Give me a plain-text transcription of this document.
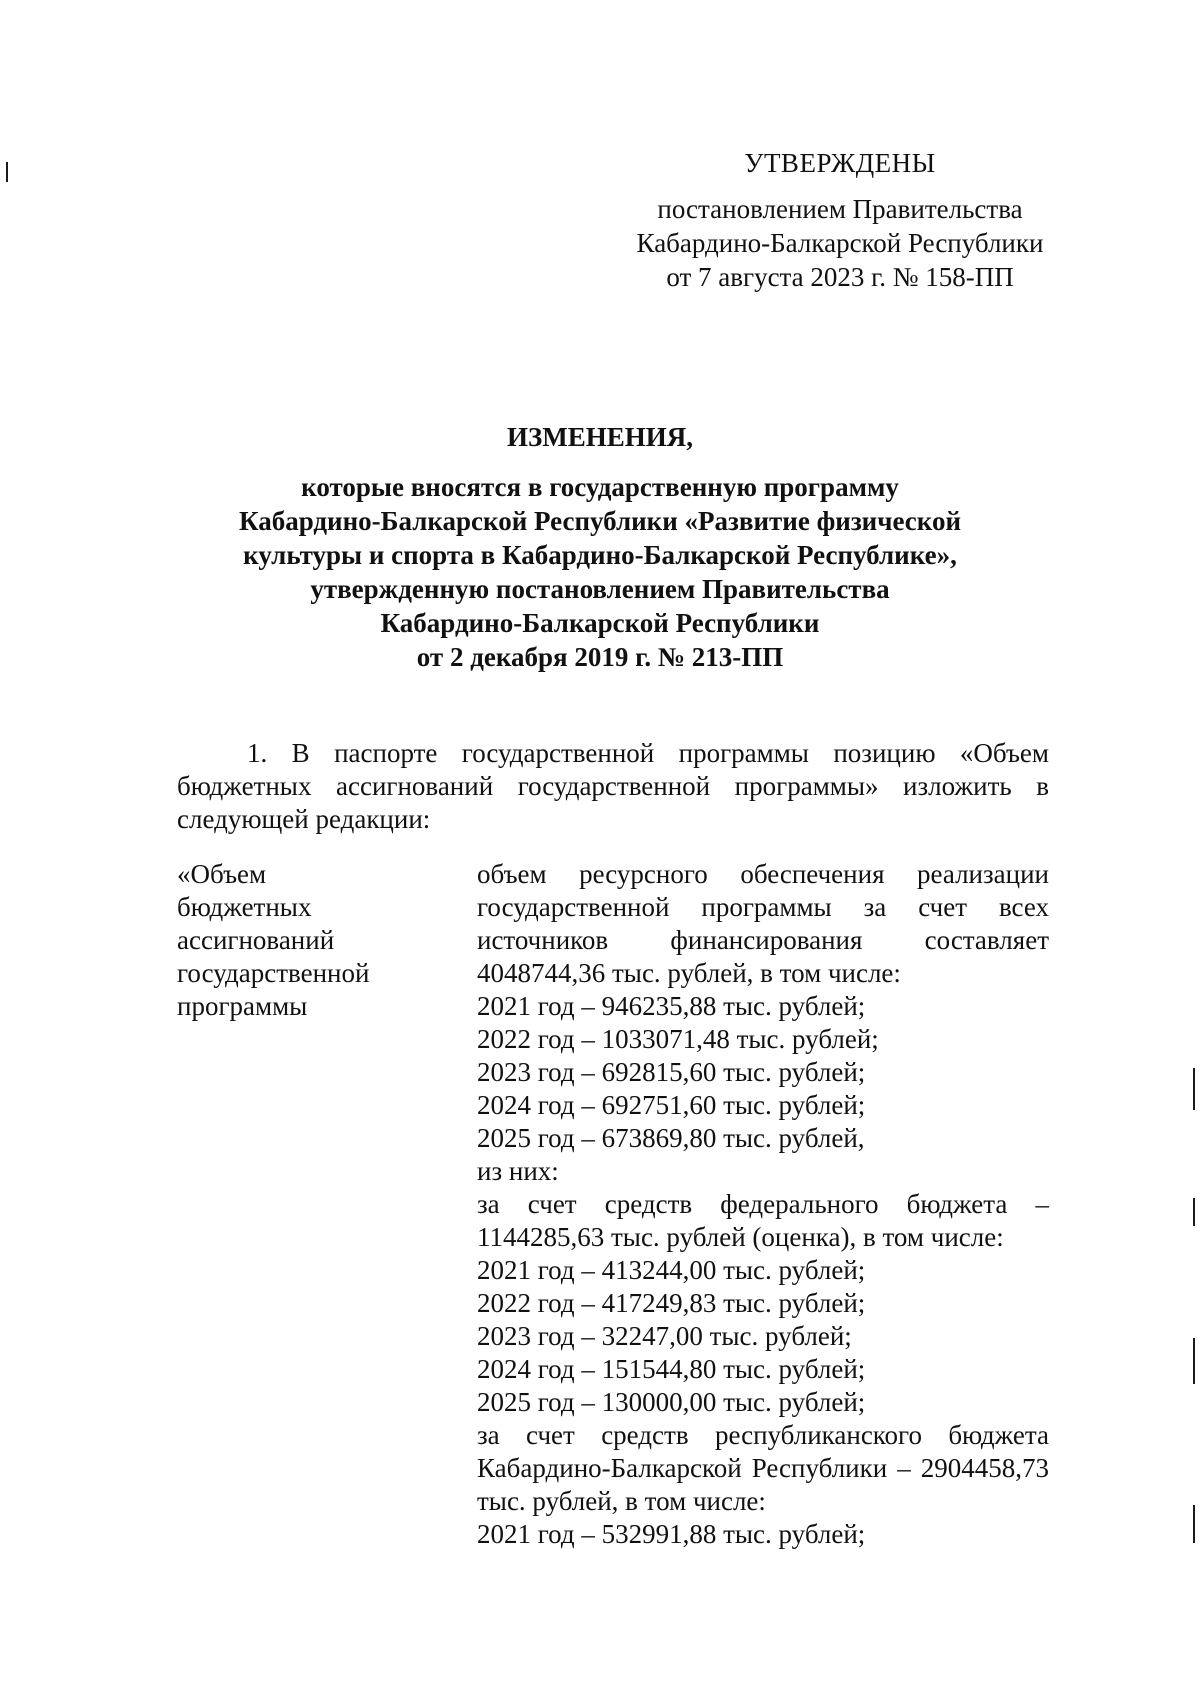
УТВЕРЖДЕНЫ
постановлением Правительства
Кабардино-Балкарской Республики
от 7 августа 2023 г. № 158-ПП
ИЗМЕНЕНИЯ,
которые вносятся в государственную программу
Кабардино-Балкарской Республики «Развитие физической
культуры и спорта в Кабардино-Балкарской Республике»,
утвержденную постановлением Правительства
Кабардино-Балкарской Республики
от 2 декабря 2019 г. № 213-ПП
1. В паспорте государственной программы позицию «Объем бюджетных ассигнований государственной программы» изложить в следующей редакции:
«Объем
бюджетных
ассигнований
государственной
программы
объем ресурсного обеспечения реализации государственной программы за счет всех источников финансирования составляет 4048744,36 тыс. рублей, в том числе:
2021 год – 946235,88 тыс. рублей;
2022 год – 1033071,48 тыс. рублей;
2023 год – 692815,60 тыс. рублей;
2024 год – 692751,60 тыс. рублей;
2025 год – 673869,80 тыс. рублей,
из них:
за счет средств федерального бюджета – 1144285,63 тыс. рублей (оценка), в том числе:
2021 год – 413244,00 тыс. рублей;
2022 год – 417249,83 тыс. рублей;
2023 год – 32247,00 тыс. рублей;
2024 год – 151544,80 тыс. рублей;
2025 год – 130000,00 тыс. рублей;
за счет средств республиканского бюджета Кабардино-Балкарской Республики – 2904458,73 тыс. рублей, в том числе:
2021 год – 532991,88 тыс. рублей;
